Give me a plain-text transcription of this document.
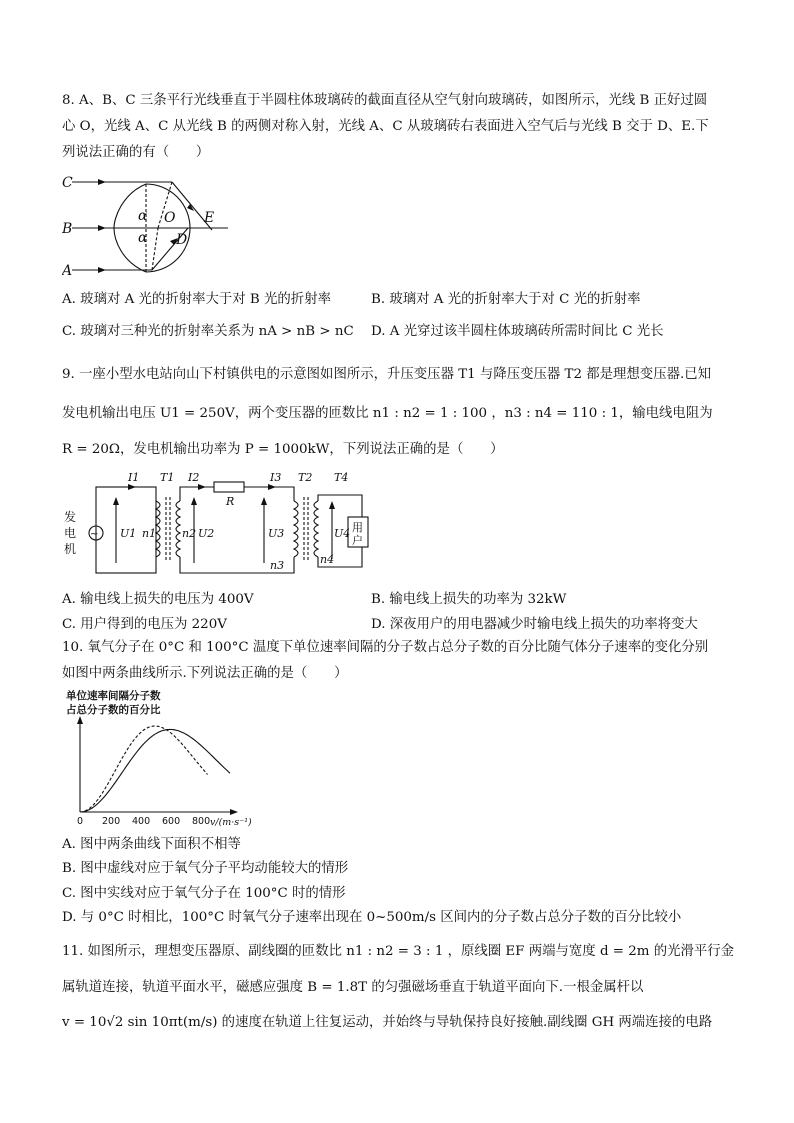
8. A、B、C 三条平行光线垂直于半圆柱体玻璃砖的截面直径从空气射向玻璃砖，如图所示，光线 B 正好过圆
心 O，光线 A、C 从光线 B 的两侧对称入射，光线 A、C 从玻璃砖右表面进入空气后与光线 B 交于 D、E.下
列说法正确的有（　　）
C
B
A
O E
D
α
α
A. 玻璃对 A 光的折射率大于对 B 光的折射率	B. 玻璃对 A 光的折射率大于对 C 光的折射率
C. 玻璃对三种光的折射率关系为 nA > nB > nC D. A 光穿过该半圆柱体玻璃砖所需时间比 C 光长
9. 一座小型水电站向山下村镇供电的示意图如图所示，升压变压器 T1 与降压变压器 T2 都是理想变压器.已知
发电机输出电压 U1 = 250V，两个变压器的匝数比 n1 : n2 = 1 : 100 ，n3 : n4 = 110 : 1，输电线电阻为
R = 20Ω，发电机输出功率为 P = 1000kW，下列说法正确的是（　　）
~
I1 T1 I2	I3 T2 T4
R
U1	U2	U3	U4
n1 n2
n3	n4
发
电
机
用
户
A. 输电线上损失的电压为 400V	B. 输电线上损失的功率为 32kW
C. 用户得到的电压为 220V	D. 深夜用户的用电器减少时输电线上损失的功率将变大
10. 氧气分子在 0°C 和 100°C 温度下单位速率间隔的分子数占总分子数的百分比随气体分子速率的变化分别
如图中两条曲线所示.下列说法正确的是（　　）
单位速率间隔分子数
占总分子数的百分比
0 200 400 600 800 v/(m·s⁻¹)
A. 图中两条曲线下面积不相等
B. 图中虚线对应于氧气分子平均动能较大的情形
C. 图中实线对应于氧气分子在 100°C 时的情形
D. 与 0°C 时相比，100°C 时氧气分子速率出现在 0~500m/s 区间内的分子数占总分子数的百分比较小
11. 如图所示，理想变压器原、副线圈的匝数比 n1 : n2 = 3 : 1 ，原线圈 EF 两端与宽度 d = 2m 的光滑平行金
属轨道连接，轨道平面水平，磁感应强度 B = 1.8T 的匀强磁场垂直于轨道平面向下.一根金属杆以
v = 10√2 sin 10πt(m/s) 的速度在轨道上往复运动，并始终与导轨保持良好接触.副线圈 GH 两端连接的电路
